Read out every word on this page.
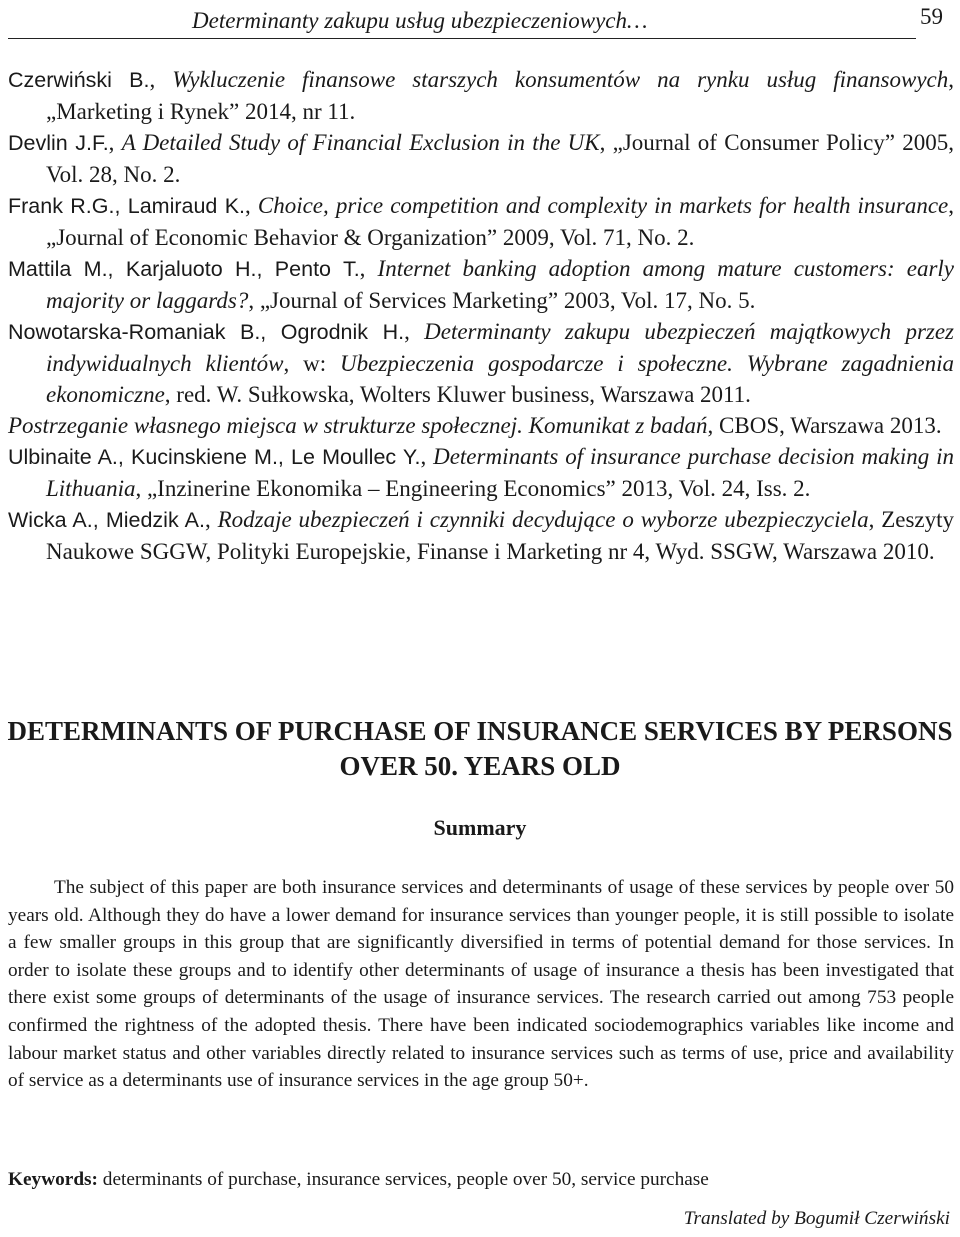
Determinanty zakupu usług ubezpieczeniowych…	59

Czerwiński B., Wykluczenie finansowe starszych konsumentów na rynku usług finansowych, „Marketing i Rynek” 2014, nr 11.

Devlin J.F., A Detailed Study of Financial Exclusion in the UK, „Journal of Consumer Policy” 2005, Vol. 28, No. 2.

Frank R.G., Lamiraud K., Choice, price competition and complexity in markets for health insurance, „Journal of Economic Behavior & Organization” 2009, Vol. 71, No. 2.

Mattila M., Karjaluoto H., Pento T., Internet banking adoption among mature customers: early majority or laggards?, „Journal of Services Marketing” 2003, Vol. 17, No. 5.

Nowotarska-Romaniak B., Ogrodnik H., Determinanty zakupu ubezpieczeń majątkowych przez indywidualnych klientów, w: Ubezpieczenia gospodarcze i społeczne. Wybrane zagadnienia ekonomiczne, red. W. Sułkowska, Wolters Kluwer business, Warszawa 2011.

Postrzeganie własnego miejsca w strukturze społecznej. Komunikat z badań, CBOS, Warszawa 2013.

Ulbinaite A., Kucinskiene M., Le Moullec Y., Determinants of insurance purchase decision making in Lithuania, „Inzinerine Ekonomika – Engineering Economics” 2013, Vol. 24, Iss. 2.

Wicka A., Miedzik A., Rodzaje ubezpieczeń i czynniki decydujące o wyborze ubezpieczyciela, Zeszyty Naukowe SGGW, Polityki Europejskie, Finanse i Marketing nr 4, Wyd. SSGW, Warszawa 2010.

DETERMINANTS OF PURCHASE OF INSURANCE SERVICES BY PERSONS OVER 50. YEARS OLD
Summary

The subject of this paper are both insurance services and determinants of usage of these services by people over 50 years old. Although they do have a lower demand for insurance services than younger people, it is still possible to isolate a few smaller groups in this group that are significantly diversified in terms of potential demand for those services. In order to isolate these groups and to identify other determinants of usage of insurance a thesis has been investigated that there exist some groups of determinants of the usage of insurance services. The research carried out among 753 people confirmed the rightness of the adopted thesis. There have been indicated sociodemographics variables like income and labour market status and other variables directly related to insurance services such as terms of use, price and availability of service as a determinants use of insurance services in the age group 50+.

Keywords: determinants of purchase, insurance services, people over 50, service purchase
Translated by Bogumił Czerwiński
